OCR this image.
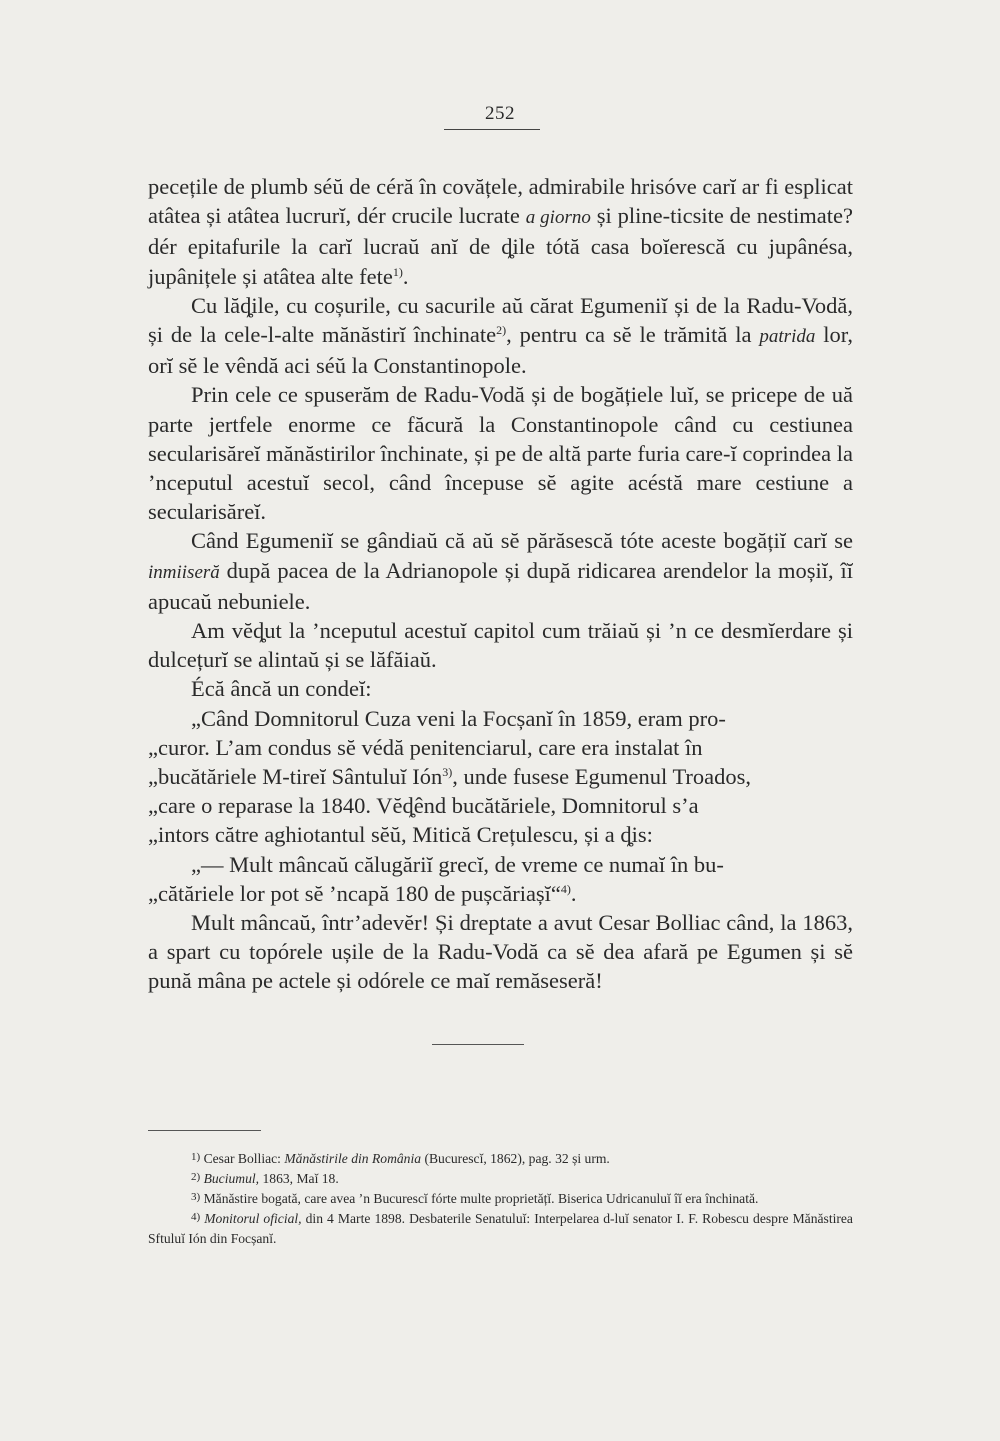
252

pecețile de plumb séŭ de céră în covățele, admirabile hrisóve carĭ ar fi esplicat atâtea și atâtea lucrurĭ, dér crucile lucrate a giorno și pline-ticsite de nestimate? dér epitafurile la carĭ lucraŭ anĭ de ȡile tótă casa boĭerescă cu jupânésa, jupânițele și atâtea alte fete$^{1)}$.

Cu lăȡile, cu coșurile, cu sacurile aŭ cărat Egumeniĭ și de la Radu-Vodă, și de la cele-l-alte mănăstirĭ închinate$^{2)}$, pentru ca sĕ le trămită la patrida lor, orĭ sĕ le vêndă aci séŭ la Constantinopole.

Prin cele ce spuserăm de Radu-Vodă și de bogățiele luĭ, se pricepe de uă parte jertfele enorme ce făcură la Constantinopole când cu cestiunea secularisăreĭ mănăstirilor închinate, și pe de altă parte furia care-ĭ coprindea la ’nceputul acestuĭ secol, când începuse sĕ agite acéstă mare cestiune a secularisăreĭ.

Când Egumeniĭ se gândiaŭ că aŭ sĕ părăsescă tóte aceste bogățiĭ carĭ se inmiiseră după pacea de la Adrianopole și după ridicarea arendelor la moșiĭ, îĭ apucaŭ nebuniele.

Am vĕȡut la ’nceputul acestuĭ capitol cum trăiaŭ și ’n ce desmĭerdare și dulcețurĭ se alintaŭ și se lăfăiaŭ.

Écă âncă un condeĭ:

„Când Domnitorul Cuza veni la Focșanĭ în 1859, eram pro-

„curor. L’am condus sĕ védă penitenciarul, care era instalat în

„bucătăriele M-tireĭ Sântuluĭ Ión$^{3)}$, unde fusese Egumenul Troados,

„care o reparase la 1840. Vĕȡênd bucătăriele, Domnitorul s’a

„intors către aghiotantul sĕŭ, Mitică Crețulescu, și a ȡis:

„— Mult mâncaŭ călugăriĭ grecĭ, de vreme ce numaĭ în bu-

„cătăriele lor pot sĕ ’ncapă 180 de pușcăriașĭ“$^{4)}$.

Mult mâncaŭ, într’adevĕr! Și dreptate a avut Cesar Bolliac când, la 1863, a spart cu topórele ușile de la Radu-Vodă ca sĕ dea afară pe Egumen și sĕ pună mâna pe actele și odórele ce maĭ remăseseră!

$^{1)}$ Cesar Bolliac: Mănăstirile din România (Bucurescĭ, 1862), pag. 32 și urm.

$^{2)}$ Buciumul, 1863, Maĭ 18.

$^{3)}$ Mănăstire bogată, care avea ’n Bucurescĭ fórte multe proprietățĭ. Biserica Udricanuluĭ îĭ era închinată.

$^{4)}$ Monitorul oficial, din 4 Marte 1898. Desbaterile Senatuluĭ: Interpelarea d-luĭ senator I. F. Robescu despre Mănăstirea Sftuluĭ Ión din Focșanĭ.
